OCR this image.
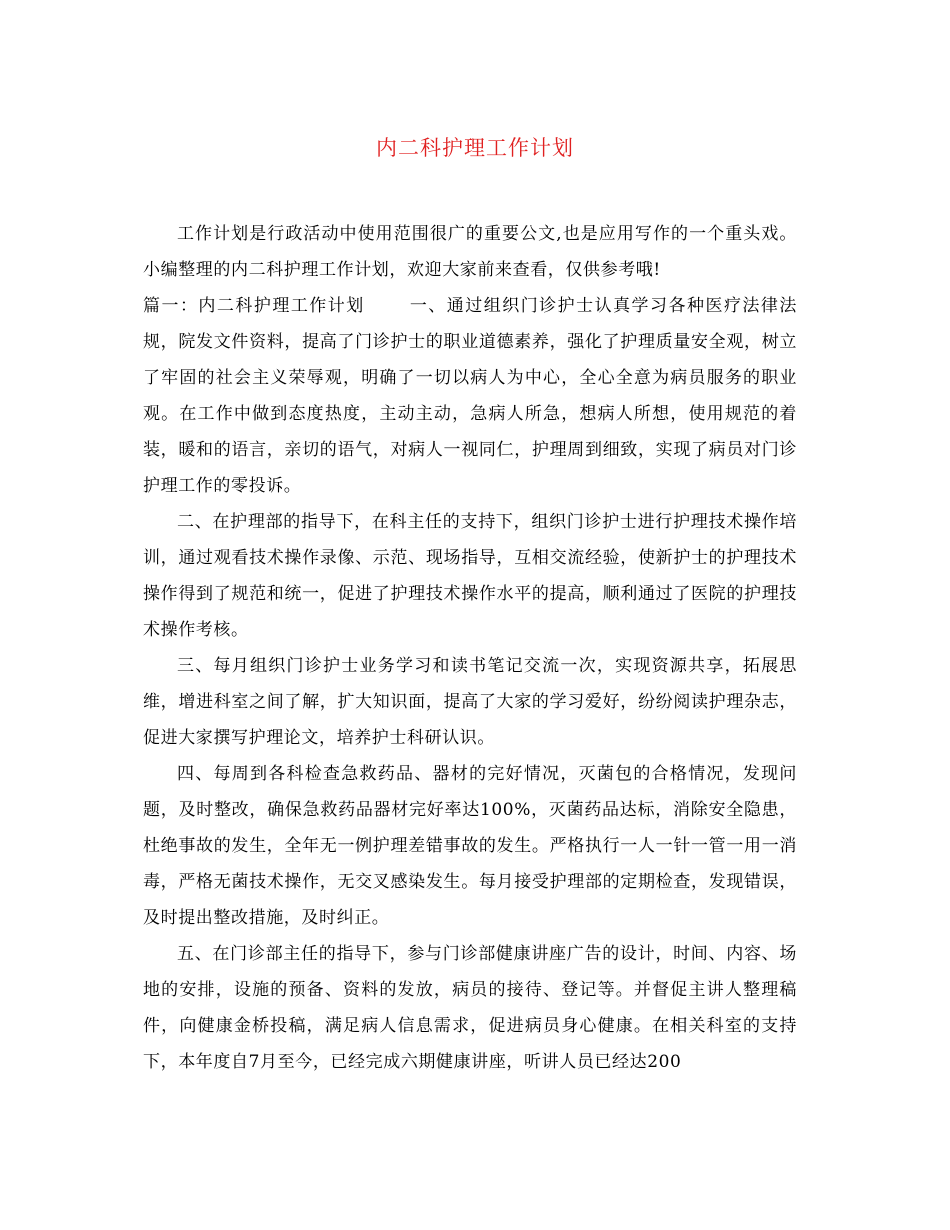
内二科护理工作计划

工作计划是行政活动中使用范围很广的重要公文,也是应用写作的一个重头戏。小编整理的内二科护理工作计划，欢迎大家前来查看，仅供参考哦!

篇一：内二科护理工作计划	一、通过组织门诊护士认真学习各种医疗法律法规，院发文件资料，提高了门诊护士的职业道德素养，强化了护理质量安全观，树立了牢固的社会主义荣辱观，明确了一切以病人为中心，全心全意为病员服务的职业观。在工作中做到态度热度，主动主动，急病人所急，想病人所想，使用规范的着装，暖和的语言，亲切的语气，对病人一视同仁，护理周到细致，实现了病员对门诊护理工作的零投诉。

二、在护理部的指导下，在科主任的支持下，组织门诊护士进行护理技术操作培训，通过观看技术操作录像、示范、现场指导，互相交流经验，使新护士的护理技术操作得到了规范和统一，促进了护理技术操作水平的提高，顺利通过了医院的护理技术操作考核。

三、每月组织门诊护士业务学习和读书笔记交流一次，实现资源共享，拓展思维，增进科室之间了解，扩大知识面，提高了大家的学习爱好，纷纷阅读护理杂志，促进大家撰写护理论文，培养护士科研认识。

四、每周到各科检查急救药品、器材的完好情况，灭菌包的合格情况，发现问题，及时整改，确保急救药品器材完好率达100%，灭菌药品达标，消除安全隐患，杜绝事故的发生，全年无一例护理差错事故的发生。严格执行一人一针一管一用一消毒，严格无菌技术操作，无交叉感染发生。每月接受护理部的定期检查，发现错误，及时提出整改措施，及时纠正。

五、在门诊部主任的指导下，参与门诊部健康讲座广告的设计，时间、内容、场地的安排，设施的预备、资料的发放，病员的接待、登记等。并督促主讲人整理稿件，向健康金桥投稿，满足病人信息需求，促进病员身心健康。在相关科室的支持下，本年度自7月至今，已经完成六期健康讲座，听讲人员已经达200
